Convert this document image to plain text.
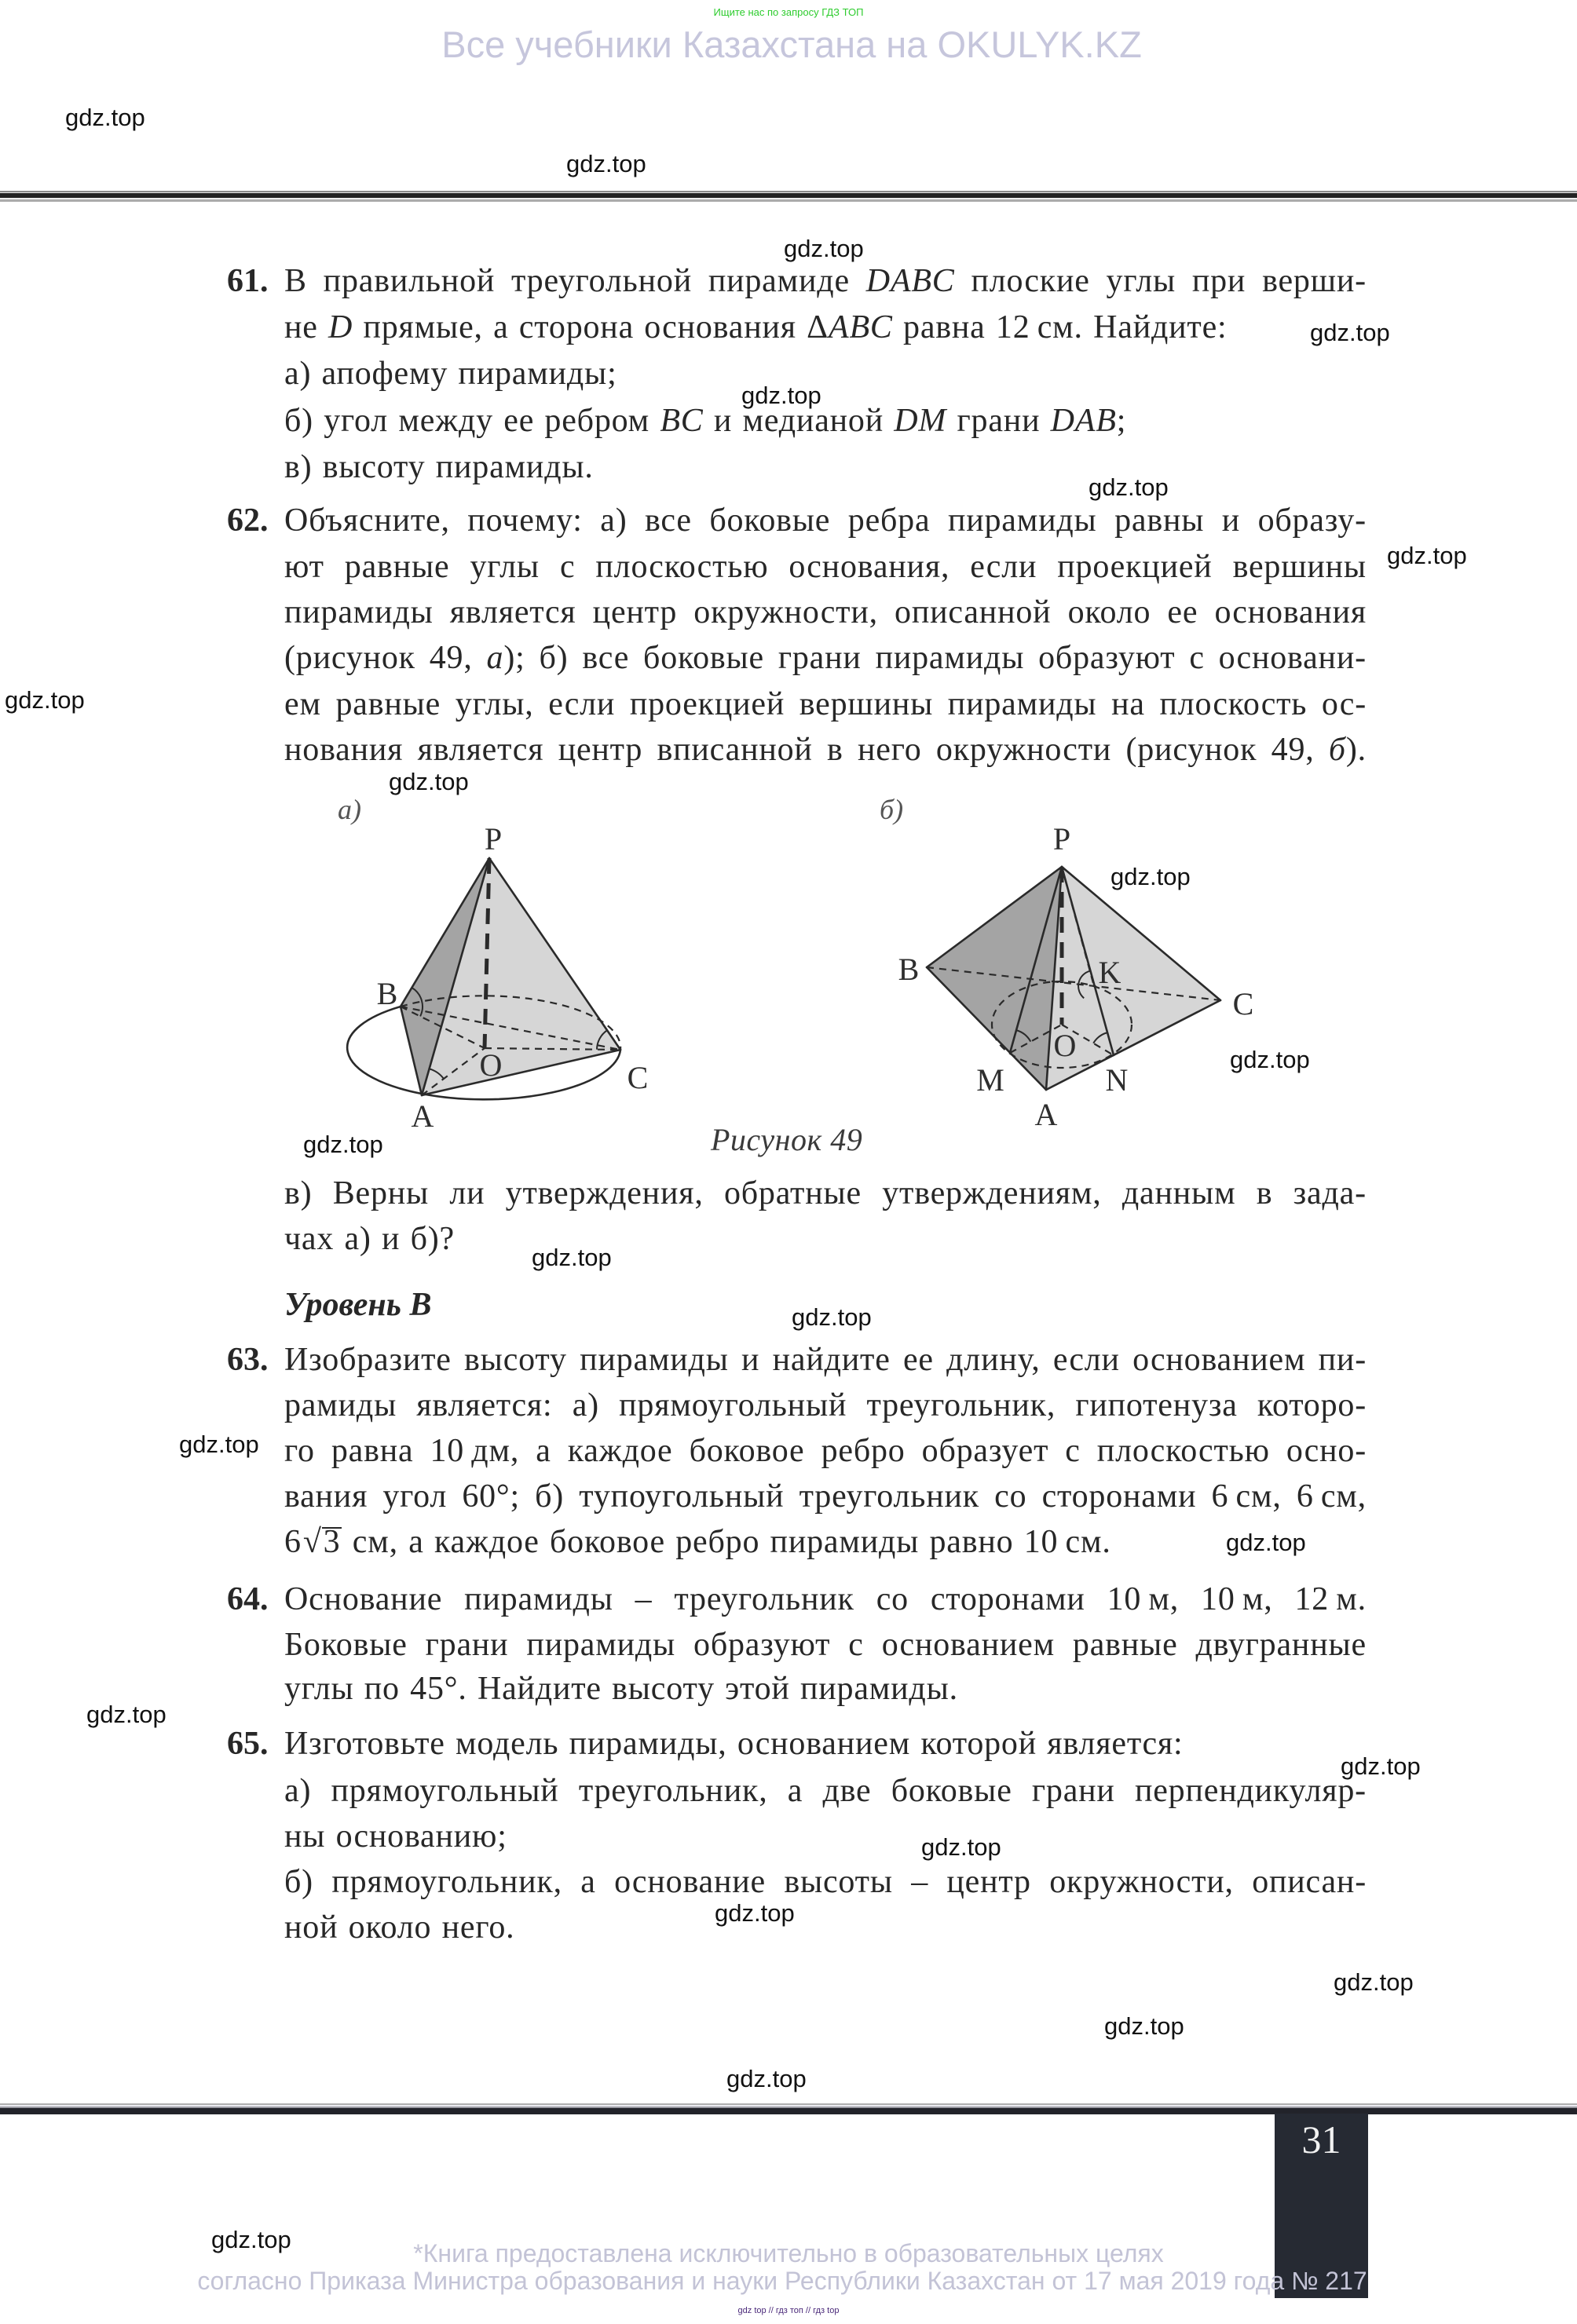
Ищите нас по запросу ГДЗ ТОП
Все учебники Казахстана на OKULYK.KZ
61. В правильной треугольной пирамиде DABC плоские углы при верши-
не D прямые, а сторона основания ΔABC равна 12 см. Найдите:
а) апофему пирамиды;
б) угол между ее ребром BC и медианой DM грани DAB;
в) высоту пирамиды.
62. Объясните, почему: а) все боковые ребра пирамиды равны и образу-
ют равные углы с плоскостью основания, если проекцией вершины
пирамиды является центр окружности, описанной около ее основания
(рисунок 49, а); б) все боковые грани пирамиды образуют с основани-
ем равные углы, если проекцией вершины пирамиды на плоскость ос-
нования является центр вписанной в него окружности (рисунок 49, б).
а)	б)
P
B
O	C
A
P
B	K
C
O
M	N
A
Рисунок 49
в) Верны ли утверждения, обратные утверждениям, данным в зада-
чах а) и б)?
Уровень В
63. Изобразите высоту пирамиды и найдите ее длину, если основанием пи-
рамиды является: а) прямоугольный треугольник, гипотенуза которо-
го равна 10 дм, а каждое боковое ребро образует с плоскостью осно-
вания угол 60°; б) тупоугольный треугольник со сторонами 6 см, 6 см,
6√3 см, а каждое боковое ребро пирамиды равно 10 см.
64. Основание пирамиды – треугольник со сторонами 10 м, 10 м, 12 м.
Боковые грани пирамиды образуют с основанием равные двугранные
углы по 45°. Найдите высоту этой пирамиды.
65. Изготовьте модель пирамиды, основанием которой является:
а) прямоугольный треугольник, а две боковые грани перпендикуляр-
ны основанию;
б) прямоугольник, а основание высоты – центр окружности, описан-
ной около него.
gdz.top
gdz.top
gdz.top
gdz.top
gdz.top
gdz.top
gdz.top
gdz.top
gdz.top
gdz.top
gdz.top
gdz.top
gdz.top
gdz.top
gdz.top
gdz.top
gdz.top
gdz.top
gdz.top
gdz.top
gdz.top
gdz.top
gdz.top
gdz.top
31
*Книга предоставлена исключительно в образовательных целях
согласно Приказа Министра образования и науки Республики Казахстан от 17 мая 2019 года № 217
gdz top // гдз топ // гдз top
